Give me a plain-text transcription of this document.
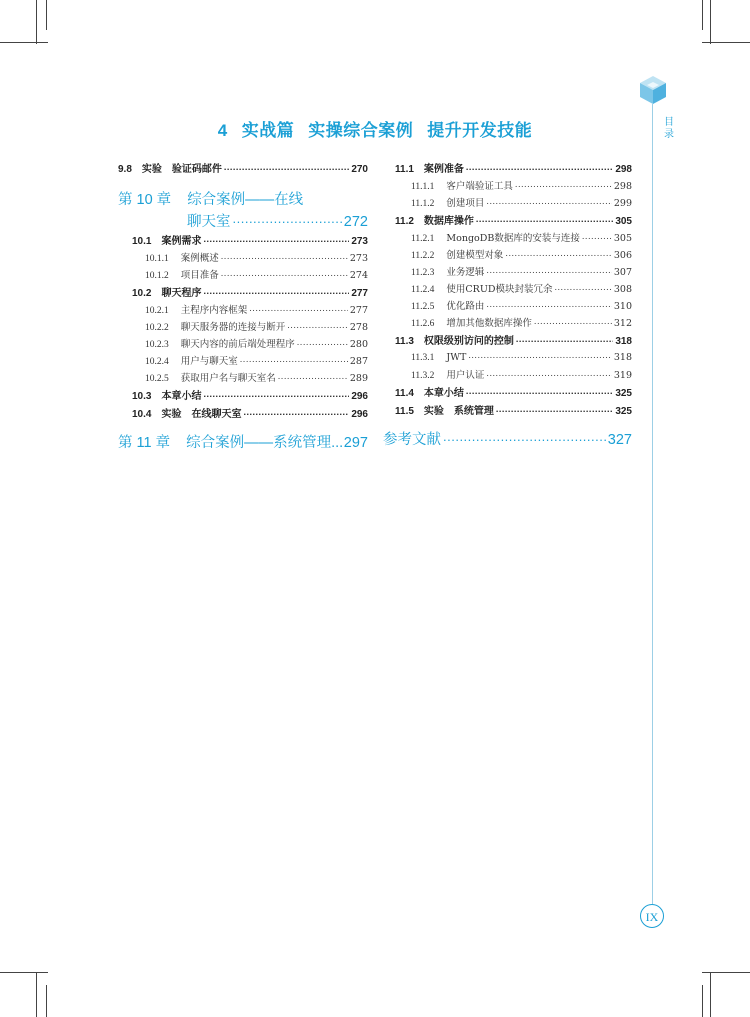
目录
IX
4 实战篇 实操综合案例 提升开发技能
9.8 实验　验证码邮件 .....	270
第 10 章 综合案例——在线
聊天室 .....	272
10.1 案例需求 .....	273
10.1.1 案例概述 .....	273
10.1.2 项目准备 .....	274
10.2 聊天程序 .....	277
10.2.1 主程序内容框架 .....	277
10.2.2 聊天服务器的连接与断开 .....	278
10.2.3 聊天内容的前后端处理程序 .....	280
10.2.4 用户与聊天室 .....	287
10.2.5 获取用户名与聊天室名 .....	289
10.3 本章小结 .....	296
10.4 实验　在线聊天室 .....	296
第 11 章 综合案例——系统管理... 297
11.1 案例准备 .....	298
11.1.1 客户端验证工具 .....	298
11.1.2 创建项目 .....	299
11.2 数据库操作 .....	305
11.2.1 MongoDB数据库的安装与连接 .....	305
11.2.2 创建模型对象 .....	306
11.2.3 业务逻辑 .....	307
11.2.4 使用CRUD模块封装冗余 .....	308
11.2.5 优化路由 .....	310
11.2.6 增加其他数据库操作 .....	312
11.3 权限级别访问的控制 .....	318
11.3.1 JWT .....	318
11.3.2 用户认证 .....	319
11.4 本章小结 .....	325
11.5 实验　系统管理 .....	325
参考文献 .....	327
